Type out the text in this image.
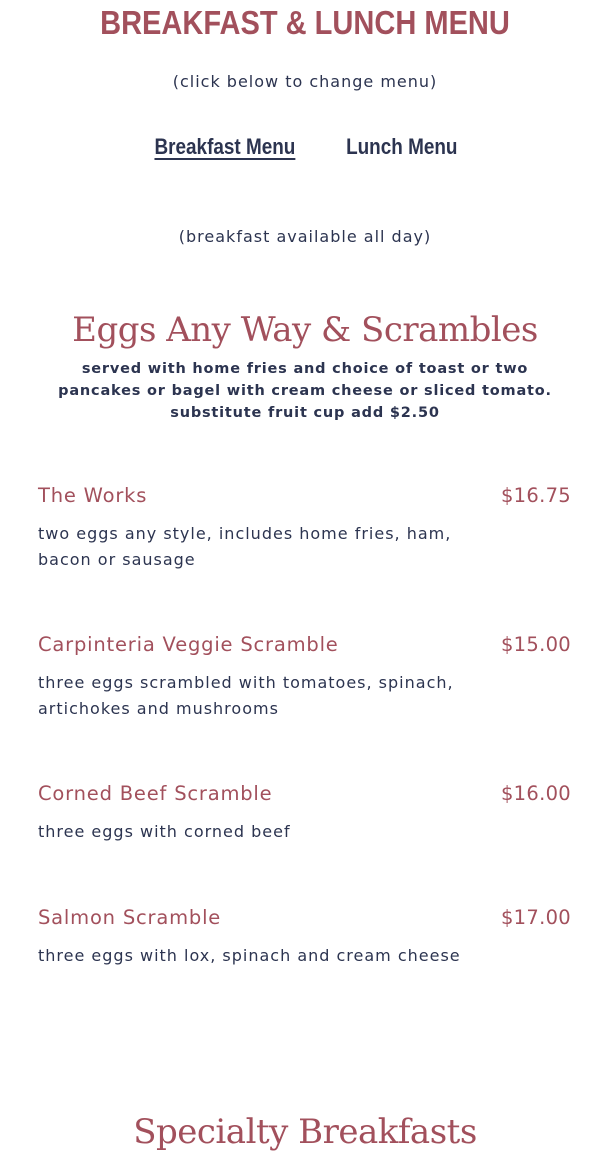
BREAKFAST & LUNCH MENU
(click below to change menu)
Breakfast Menu Lunch Menu
(breakfast available all day)
Eggs Any Way & Scrambles
served with home fries and choice of toast or two pancakes or bagel with cream cheese or sliced tomato. substitute fruit cup add $2.50
The Works	$16.75
two eggs any style, includes home fries, ham, bacon or sausage
Carpinteria Veggie Scramble	$15.00
three eggs scrambled with tomatoes, spinach, artichokes and mushrooms
Corned Beef Scramble	$16.00
three eggs with corned beef
Salmon Scramble	$17.00
three eggs with lox, spinach and cream cheese
Specialty Breakfasts
